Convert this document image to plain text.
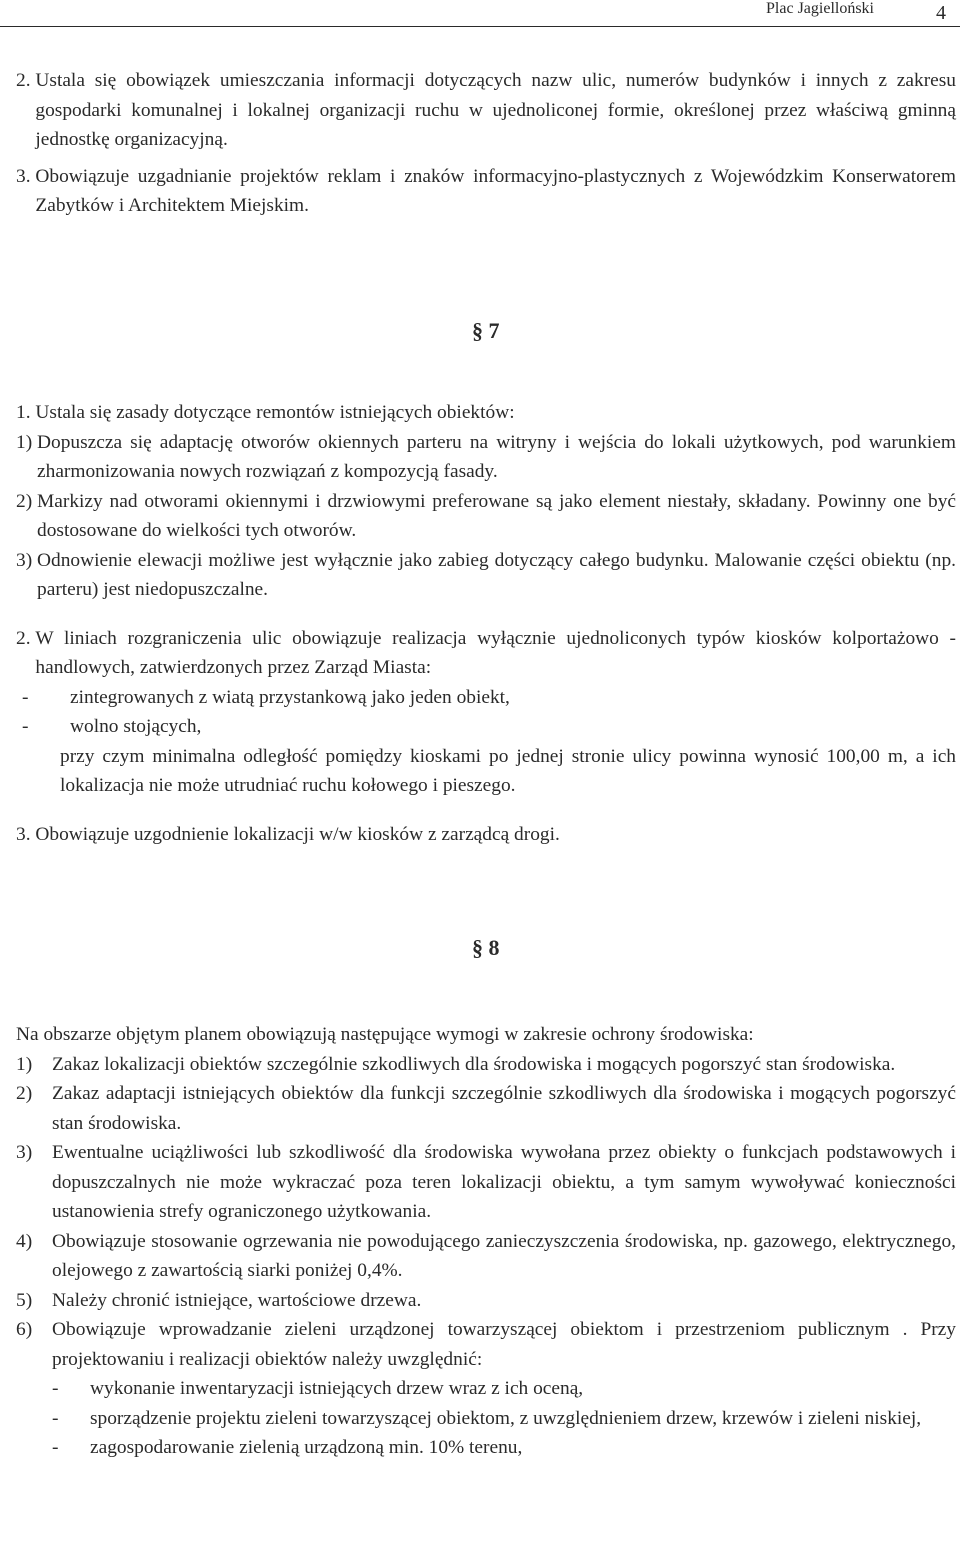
Plac Jagielloński	4
2. Ustala się obowiązek umieszczania informacji dotyczących nazw ulic, numerów budynków i innych z zakresu gospodarki komunalnej i lokalnej organizacji ruchu w ujednoliconej formie, określonej przez właściwą gminną jednostkę organizacyjną.
3. Obowiązuje uzgadnianie projektów reklam i znaków informacyjno-plastycznych z Wojewódzkim Konserwatorem Zabytków i Architektem Miejskim.
§ 7
1. Ustala się zasady dotyczące remontów istniejących obiektów:
1) Dopuszcza się adaptację otworów okiennych parteru na witryny i wejścia do lokali użytkowych, pod warunkiem zharmonizowania nowych rozwiązań z kompozycją fasady.
2) Markizy nad otworami okiennymi i drzwiowymi preferowane są jako element niestały, składany. Powinny one być dostosowane do wielkości tych otworów.
3) Odnowienie elewacji możliwe jest wyłącznie jako zabieg dotyczący całego budynku. Malowanie części obiektu (np. parteru) jest niedopuszczalne.
2. W liniach rozgraniczenia ulic obowiązuje realizacja wyłącznie ujednoliconych typów kiosków kolportażowo - handlowych, zatwierdzonych przez Zarząd Miasta:
-	zintegrowanych z wiatą przystankową jako jeden obiekt,
-	wolno stojących,
przy czym minimalna odległość pomiędzy kioskami po jednej stronie ulicy powinna wynosić 100,00 m, a ich lokalizacja nie może utrudniać ruchu kołowego i pieszego.
3. Obowiązuje uzgodnienie lokalizacji w/w kiosków z zarządcą drogi.
§ 8
Na obszarze objętym planem obowiązują następujące wymogi w zakresie ochrony środowiska:
1) Zakaz lokalizacji obiektów szczególnie szkodliwych dla środowiska i mogących pogorszyć stan środowiska.
2) Zakaz adaptacji istniejących obiektów dla funkcji szczególnie szkodliwych dla środowiska i mogących pogorszyć stan środowiska.
3) Ewentualne uciążliwości lub szkodliwość dla środowiska wywołana przez obiekty o funkcjach podstawowych i dopuszczalnych nie może wykraczać poza teren lokalizacji obiektu, a tym samym wywoływać konieczności ustanowienia strefy ograniczonego użytkowania.
4) Obowiązuje stosowanie ogrzewania nie powodującego zanieczyszczenia środowiska, np. gazowego, elektrycznego, olejowego z zawartością siarki poniżej 0,4%.
5) Należy chronić istniejące, wartościowe drzewa.
6) Obowiązuje wprowadzanie zieleni urządzonej towarzyszącej obiektom i przestrzeniom publicznym . Przy projektowaniu i realizacji obiektów należy uwzględnić:
-	wykonanie inwentaryzacji istniejących drzew wraz z ich oceną,
-	sporządzenie projektu zieleni towarzyszącej obiektom, z uwzględnieniem drzew, krzewów i zieleni niskiej,
-	zagospodarowanie zielenią urządzoną min. 10% terenu,
